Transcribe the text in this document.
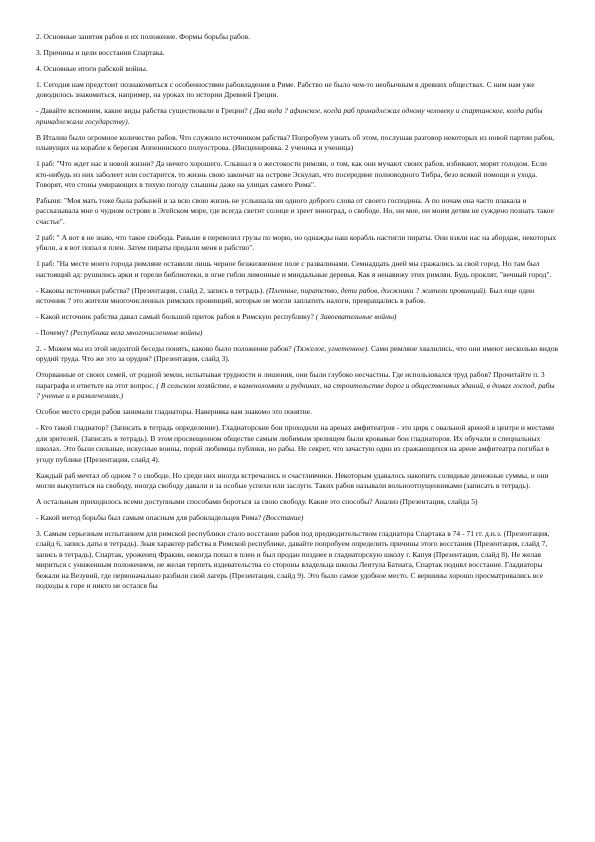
2. Основные занятия рабов и их положение. Формы борьбы рабов.

3. Причины и цели восстания Спартака.

4. Основные итоги рабской войны.

1. Сегодня нам предстоит познакомиться с особенностями рабовладения в Риме. Рабство не было чем-то необычным в древних обществах. С ним нам уже доводилось знакомиться, например, на уроках по истории Древней Греции.

- Давайте вспомним, какие виды рабства существовали в Греции? ( Два вида ? афинское, когда раб принадлежал одному человеку и спартанское, когда рабы принадлежали государству).

В Италии было огромное количество рабов. Что служило источником рабства? Попробуем узнать об этом, послушав разговор некоторых из новой партии рабов, плывущих на корабле к берегам Аппенинского полуострова. (Инсценировка. 2 ученика и ученица)

1 раб: "Что ждет нас в новой жизни? Да ничего хорошего. Слышал я о жестокости римлян, о том, как они мучают своих рабов, избивают, морят голодом. Если кто-нибудь из них заболеет или состарится, то жизнь свою закончат на острове Эскулап, что посередине полноводного Тибра, безо всякой помощи и ухода. Говорят, что стоны умирающих в тихую погоду слышны даже на улицах самого Рима".

Рабыня: "Моя мать тоже была рабыней и за всю свою жизнь не услышала ни одного доброго слова от своего господина. А по ночам она часто плакала и рассказывала мне о чудном острове в Эгейском море, где всегда светит солнце и зреет виноград, о свободе. Но, ни мне, ни моим детям не суждено познать такое счастье".

2 раб: " А вот я не знаю, что такое свобода. Раньше я перевозил грузы по морю, но однажды наш корабль настигли пираты. Они взяли нас на абордаж, некоторых убили, а я вот попал в плен. Затем пираты продали меня в рабство".

1 раб: "На месте моего города римляне оставили лишь черное безжизненное поле с развалинами. Семнадцать дней мы сражались за свой город. Но там был настоящий ад: рушились арки и горели библиотеки, в огне гибли лимонные и миндальные деревья. Как я ненавижу этих римлян. Будь проклят, "вечный город".

- Каковы источники рабства? (Презентация, слайд 2, запись в тетрадь). (Пленные, пиратство, дети рабов, должники ? жители провинций). Был еще один источник ? это жители многочисленных римских провинций, которые не могли заплатить налоги, превращались в рабов.

- Какой источник рабства давал самый большой приток рабов в Римскую республику? ( Завоевательные войны)

- Почему? (Республика вела многочисленные войны)

2. - Можем мы из этой недолгой беседы понять, каково было положение рабов? (Тяжелое, угнетенное). Сами римляне хвалились, что они имеют несколько видов орудий труда. Что же это за орудия? (Презентация, слайд 3).

Оторванные от своих семей, от родной земли, испытывая трудности и лишения, они были глубоко несчастны. Где использовался труд рабов? Прочитайте п. 3 параграфа и ответьте на этот вопрос. ( В сельском хозяйстве, в каменоломнях и рудниках, на строительстве дорог и общественных зданий, в домах господ, рабы ? ученые и в развлечениях.)

Особое место среди рабов занимали гладиаторы. Наверняка вам знакомо это понятие.

- Кто такой гладиатор? (Записать в тетрадь определение). Гладиаторские бои проходили на аренах амфитеатров - это цирк с овальной ареной в центре и местами для зрителей. (Записать в тетрадь). В этом просвещенном обществе самым любимым зрелищем были кровавые бои гладиаторов. Их обучали в специальных школах. Это были сильные, искусные воины, порой любимцы публики, но рабы. Не секрет, что зачастую один из сражающихся на арене амфитеатра погибал в угоду публике (Презентация, слайд 4).

Каждый раб мечтал об одном ? о свободе. Но среди них иногда встречались и счастливчики. Некоторым удавалось накопить солидные денежные суммы, и они могли выкупиться на свободу, иногда свободу давали и за особые успехи или заслуги. Таких рабов называли вольноотпущенниками (записать в тетрадь).

А остальным приходилось всеми доступными способами бороться за свою свободу. Какие это способы? Анализ (Презентация, слайда 5)

- Какой метод борьбы был самым опасным для рабовладельцев Рима? (Восстание)

3. Самым серьезным испытанием для римской республики стало восстание рабов под предводительством гладиатора Спартака в 74 - 71 гг. д.н.э. (Презентация, слайд 6, запись даты в тетрадь). Зная характер рабства в Римской республике, давайте попробуем определить причины этого восстания (Презентация, слайд 7, запись в тетрадь). Спартак, уроженец Фракии, некогда попал в плен и был продан позднее в гладиаторскую школу г. Капуя (Презентация, слайд 8). Не желая мириться с униженным положением, не желая терпеть издевательства со стороны владельца школы Лентула Батиата, Спартак поднял восстание. Гладиаторы бежали на Везувий, где первоначально разбили свой лагерь (Презентация, слайд 9). Это было самое удобное место. С вершины хорошо просматривались все подходы к горе и никто не остался бы
